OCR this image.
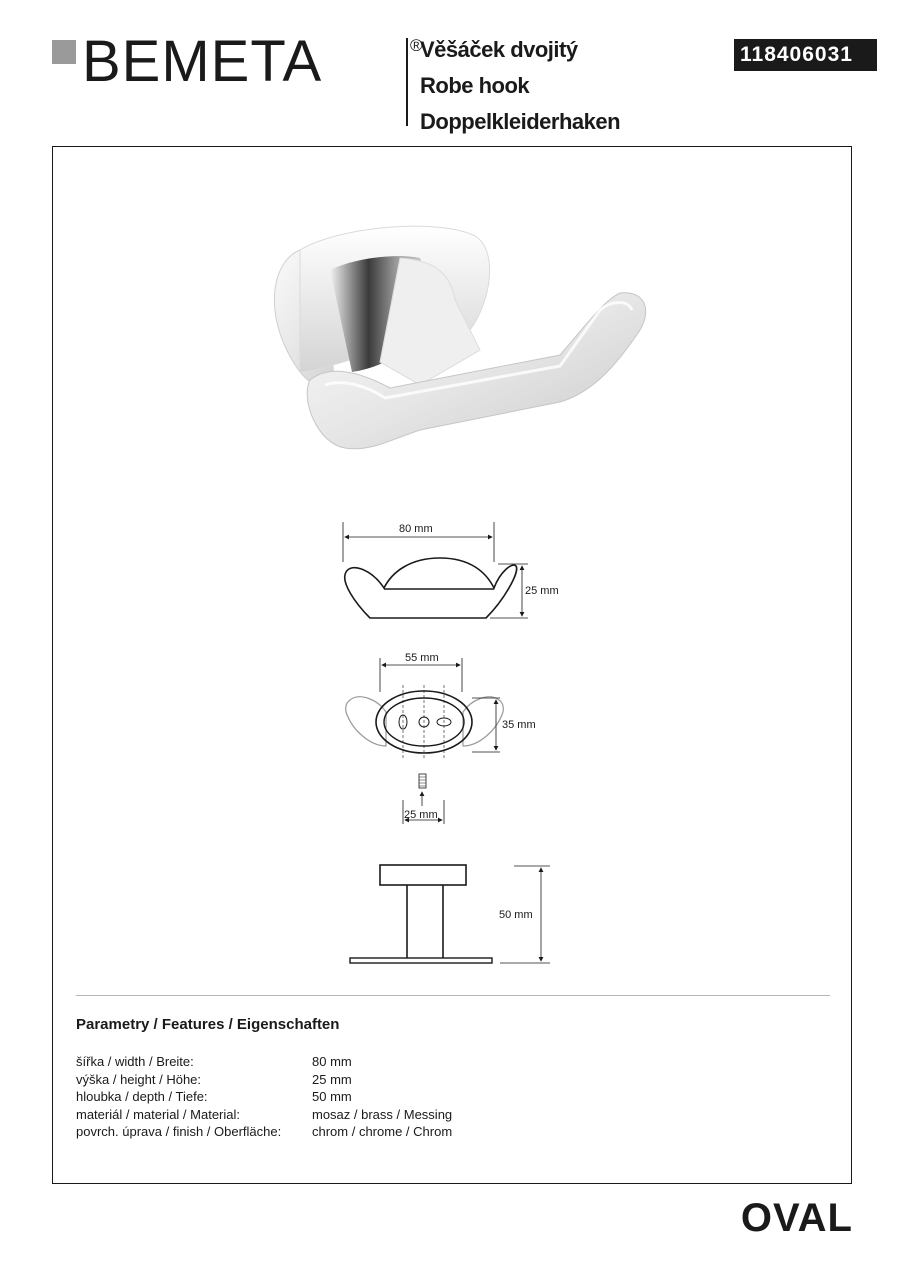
BEMETA	®
Věšáček dvojitý
Robe hook
Doppelkleiderhaken
118406031
80 mm
25 mm
55 mm
35 mm
25 mm
50 mm
Parametry / Features / Eigenschaften
šířka / width / Breite:	80 mm
výška / height / Höhe:	25 mm
hloubka / depth / Tiefe:	50 mm
materiál / material / Material:	mosaz / brass / Messing
povrch. úprava / finish / Oberfläche:	chrom / chrome / Chrom
OVAL
